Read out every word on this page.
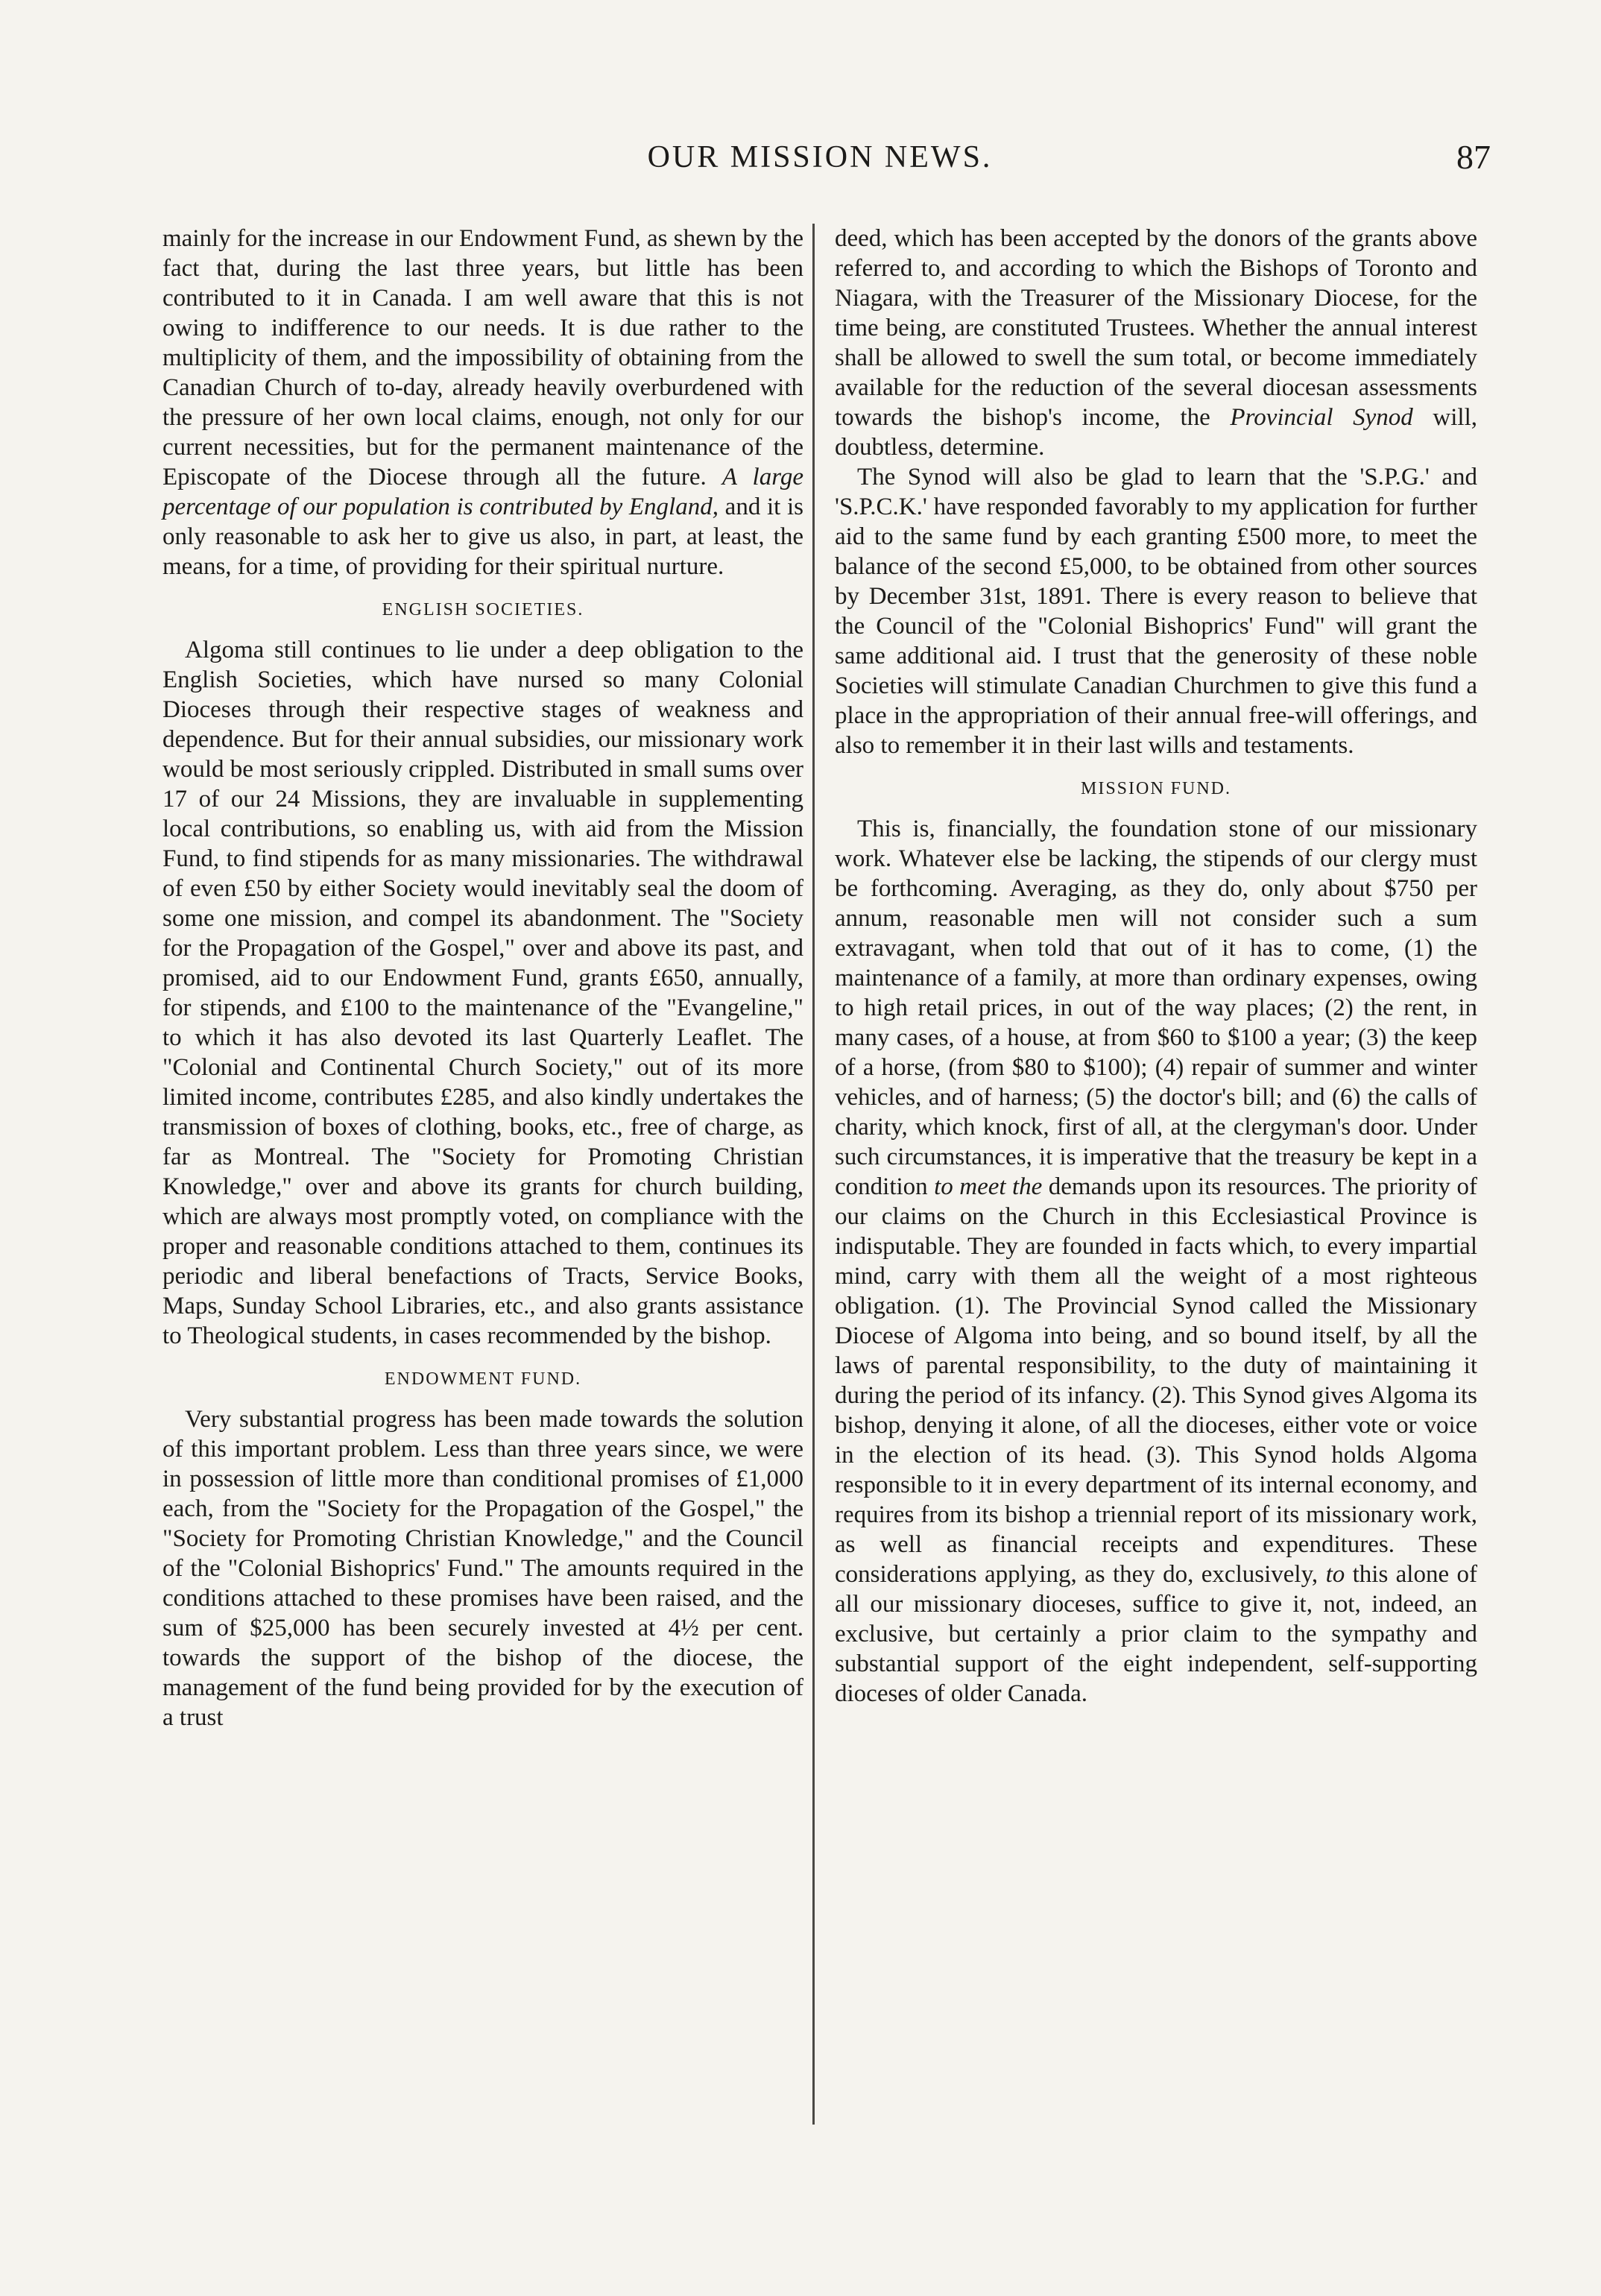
OUR MISSION NEWS.	87

mainly for the increase in our Endowment Fund, as shewn by the fact that, during the last three years, but little has been contributed to it in Canada. I am well aware that this is not owing to indifference to our needs. It is due rather to the multiplicity of them, and the impossibility of obtaining from the Canadian Church of to-day, already heavily overburdened with the pressure of her own local claims, enough, not only for our current necessities, but for the permanent maintenance of the Episcopate of the Diocese through all the future. A large percentage of our population is contributed by England, and it is only reasonable to ask her to give us also, in part, at least, the means, for a time, of providing for their spiritual nurture.

ENGLISH SOCIETIES.

Algoma still continues to lie under a deep obligation to the English Societies, which have nursed so many Colonial Dioceses through their respective stages of weakness and dependence. But for their annual subsidies, our missionary work would be most seriously crippled. Distributed in small sums over 17 of our 24 Missions, they are invaluable in supplementing local contributions, so enabling us, with aid from the Mission Fund, to find stipends for as many missionaries. The withdrawal of even £50 by either Society would inevitably seal the doom of some one mission, and compel its abandonment. The "Society for the Propagation of the Gospel," over and above its past, and promised, aid to our Endowment Fund, grants £650, annually, for stipends, and £100 to the maintenance of the "Evangeline," to which it has also devoted its last Quarterly Leaflet. The "Colonial and Continental Church Society," out of its more limited income, contributes £285, and also kindly undertakes the transmission of boxes of clothing, books, etc., free of charge, as far as Montreal. The "Society for Promoting Christian Knowledge," over and above its grants for church building, which are always most promptly voted, on compliance with the proper and reasonable conditions attached to them, continues its periodic and liberal benefactions of Tracts, Service Books, Maps, Sunday School Libraries, etc., and also grants assistance to Theological students, in cases recommended by the bishop.

ENDOWMENT FUND.

Very substantial progress has been made towards the solution of this important problem. Less than three years since, we were in possession of little more than conditional promises of £1,000 each, from the "Society for the Propagation of the Gospel," the "Society for Promoting Christian Knowledge," and the Council of the "Colonial Bishoprics' Fund." The amounts required in the conditions attached to these promises have been raised, and the sum of $25,000 has been securely invested at 4½ per cent. towards the support of the bishop of the diocese, the management of the fund being provided for by the execution of a trust

deed, which has been accepted by the donors of the grants above referred to, and according to which the Bishops of Toronto and Niagara, with the Treasurer of the Missionary Diocese, for the time being, are constituted Trustees. Whether the annual interest shall be allowed to swell the sum total, or become immediately available for the reduction of the several diocesan assessments towards the bishop's income, the Provincial Synod will, doubtless, determine.

The Synod will also be glad to learn that the 'S.P.G.' and 'S.P.C.K.' have responded favorably to my application for further aid to the same fund by each granting £500 more, to meet the balance of the second £5,000, to be obtained from other sources by December 31st, 1891. There is every reason to believe that the Council of the "Colonial Bishoprics' Fund" will grant the same additional aid. I trust that the generosity of these noble Societies will stimulate Canadian Churchmen to give this fund a place in the appropriation of their annual free-will offerings, and also to remember it in their last wills and testaments.

MISSION FUND.

This is, financially, the foundation stone of our missionary work. Whatever else be lacking, the stipends of our clergy must be forthcoming. Averaging, as they do, only about $750 per annum, reasonable men will not consider such a sum extravagant, when told that out of it has to come, (1) the maintenance of a family, at more than ordinary expenses, owing to high retail prices, in out of the way places; (2) the rent, in many cases, of a house, at from $60 to $100 a year; (3) the keep of a horse, (from $80 to $100); (4) repair of summer and winter vehicles, and of harness; (5) the doctor's bill; and (6) the calls of charity, which knock, first of all, at the clergyman's door. Under such circumstances, it is imperative that the treasury be kept in a condition to meet the demands upon its resources. The priority of our claims on the Church in this Ecclesiastical Province is indisputable. They are founded in facts which, to every impartial mind, carry with them all the weight of a most righteous obligation. (1). The Provincial Synod called the Missionary Diocese of Algoma into being, and so bound itself, by all the laws of parental responsibility, to the duty of maintaining it during the period of its infancy. (2). This Synod gives Algoma its bishop, denying it alone, of all the dioceses, either vote or voice in the election of its head. (3). This Synod holds Algoma responsible to it in every department of its internal economy, and requires from its bishop a triennial report of its missionary work, as well as financial receipts and expenditures. These considerations applying, as they do, exclusively, to this alone of all our missionary dioceses, suffice to give it, not, indeed, an exclusive, but certainly a prior claim to the sympathy and substantial support of the eight independent, self-supporting dioceses of older Canada.
